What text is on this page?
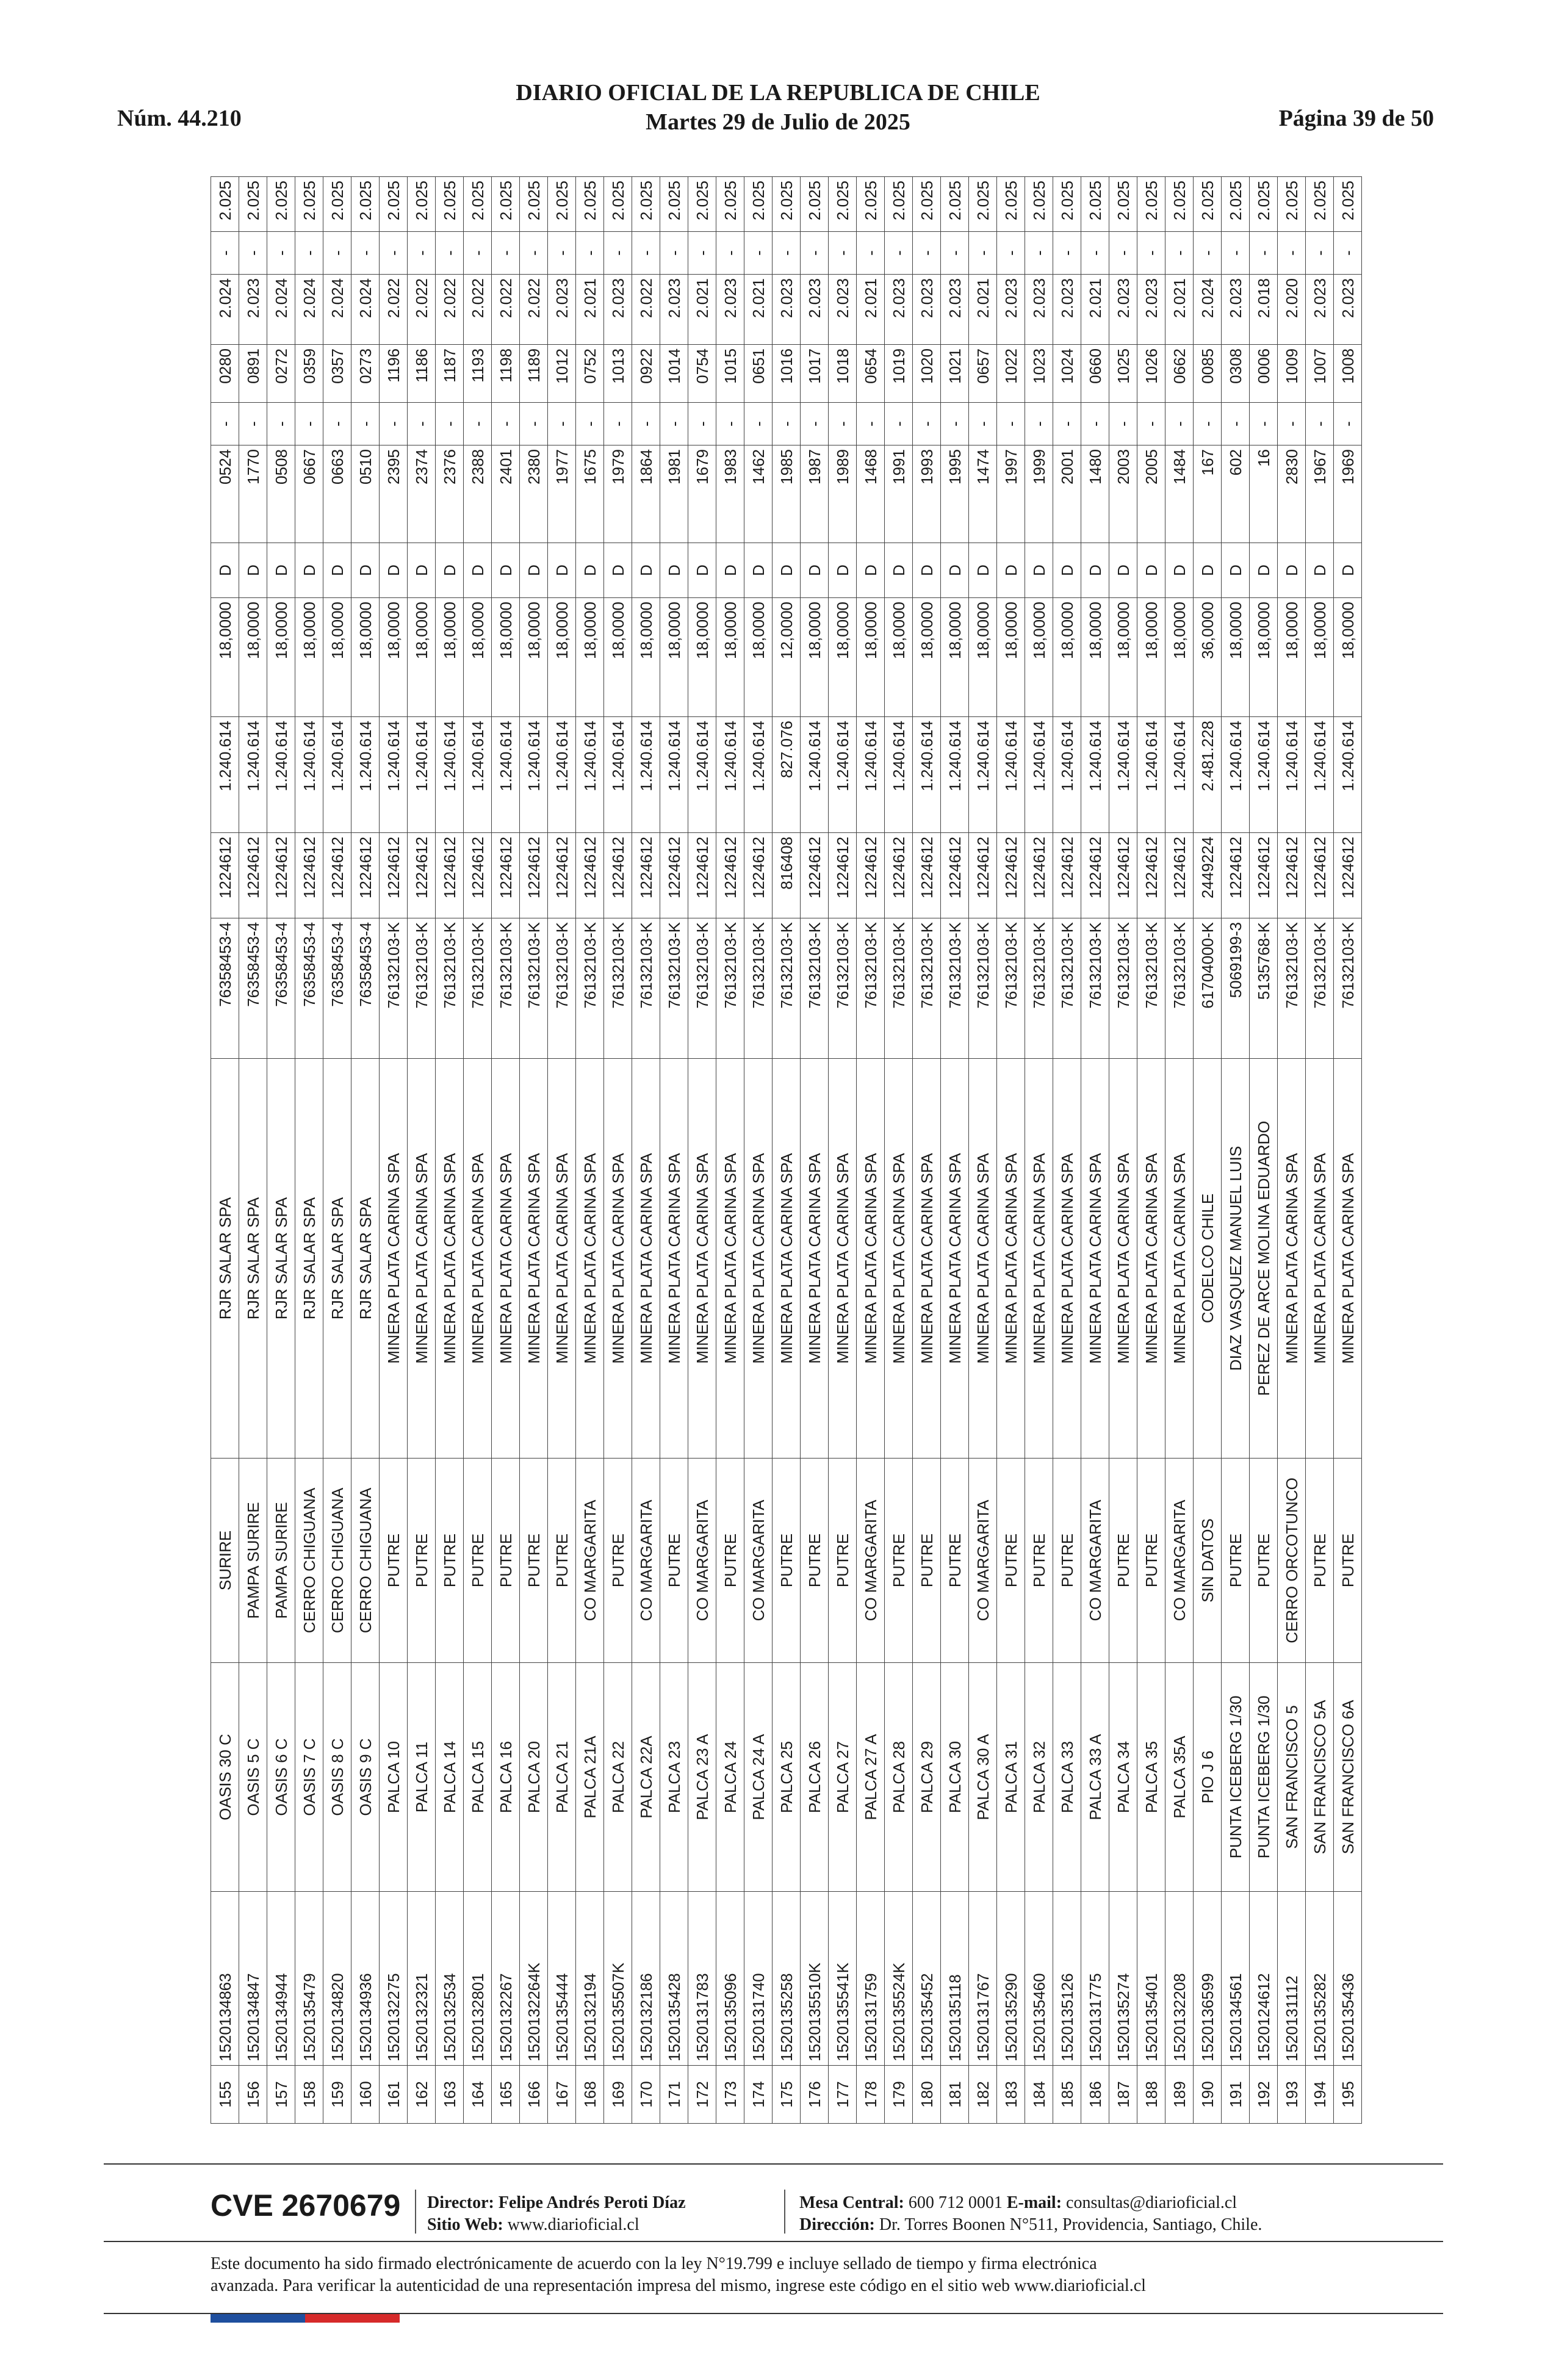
DIARIO OFICIAL DE LA REPUBLICA DE CHILE
Martes 29 de Julio de 2025
Núm. 44.210	Página 39 de 50
155	1520134863	OASIS 30 C	SURIRE	RJR SALAR SPA	76358453-4	1224612	1.240.614	18,0000	D	0524	-	0280	2.024	-	2.025
156	1520134847	OASIS 5 C	PAMPA SURIRE	RJR SALAR SPA	76358453-4	1224612	1.240.614	18,0000	D	1770	-	0891	2.023	-	2.025
157	1520134944	OASIS 6 C	PAMPA SURIRE	RJR SALAR SPA	76358453-4	1224612	1.240.614	18,0000	D	0508	-	0272	2.024	-	2.025
158	1520135479	OASIS 7 C	CERRO CHIGUANA	RJR SALAR SPA	76358453-4	1224612	1.240.614	18,0000	D	0667	-	0359	2.024	-	2.025
159	1520134820	OASIS 8 C	CERRO CHIGUANA	RJR SALAR SPA	76358453-4	1224612	1.240.614	18,0000	D	0663	-	0357	2.024	-	2.025
160	1520134936	OASIS 9 C	CERRO CHIGUANA	RJR SALAR SPA	76358453-4	1224612	1.240.614	18,0000	D	0510	-	0273	2.024	-	2.025
161	1520132275	PALCA 10	PUTRE	MINERA PLATA CARINA SPA	76132103-K	1224612	1.240.614	18,0000	D	2395	-	1196	2.022	-	2.025
162	1520132321	PALCA 11	PUTRE	MINERA PLATA CARINA SPA	76132103-K	1224612	1.240.614	18,0000	D	2374	-	1186	2.022	-	2.025
163	1520132534	PALCA 14	PUTRE	MINERA PLATA CARINA SPA	76132103-K	1224612	1.240.614	18,0000	D	2376	-	1187	2.022	-	2.025
164	1520132801	PALCA 15	PUTRE	MINERA PLATA CARINA SPA	76132103-K	1224612	1.240.614	18,0000	D	2388	-	1193	2.022	-	2.025
165	1520132267	PALCA 16	PUTRE	MINERA PLATA CARINA SPA	76132103-K	1224612	1.240.614	18,0000	D	2401	-	1198	2.022	-	2.025
166	1520132264K	PALCA 20	PUTRE	MINERA PLATA CARINA SPA	76132103-K	1224612	1.240.614	18,0000	D	2380	-	1189	2.022	-	2.025
167	1520135444	PALCA 21	PUTRE	MINERA PLATA CARINA SPA	76132103-K	1224612	1.240.614	18,0000	D	1977	-	1012	2.023	-	2.025
168	1520132194	PALCA 21A	CO MARGARITA	MINERA PLATA CARINA SPA	76132103-K	1224612	1.240.614	18,0000	D	1675	-	0752	2.021	-	2.025
169	1520135507K	PALCA 22	PUTRE	MINERA PLATA CARINA SPA	76132103-K	1224612	1.240.614	18,0000	D	1979	-	1013	2.023	-	2.025
170	1520132186	PALCA 22A	CO MARGARITA	MINERA PLATA CARINA SPA	76132103-K	1224612	1.240.614	18,0000	D	1864	-	0922	2.022	-	2.025
171	1520135428	PALCA 23	PUTRE	MINERA PLATA CARINA SPA	76132103-K	1224612	1.240.614	18,0000	D	1981	-	1014	2.023	-	2.025
172	1520131783	PALCA 23 A	CO MARGARITA	MINERA PLATA CARINA SPA	76132103-K	1224612	1.240.614	18,0000	D	1679	-	0754	2.021	-	2.025
173	1520135096	PALCA 24	PUTRE	MINERA PLATA CARINA SPA	76132103-K	1224612	1.240.614	18,0000	D	1983	-	1015	2.023	-	2.025
174	1520131740	PALCA 24 A	CO MARGARITA	MINERA PLATA CARINA SPA	76132103-K	1224612	1.240.614	18,0000	D	1462	-	0651	2.021	-	2.025
175	1520135258	PALCA 25	PUTRE	MINERA PLATA CARINA SPA	76132103-K	816408	827.076	12,0000	D	1985	-	1016	2.023	-	2.025
176	1520135510K	PALCA 26	PUTRE	MINERA PLATA CARINA SPA	76132103-K	1224612	1.240.614	18,0000	D	1987	-	1017	2.023	-	2.025
177	1520135541K	PALCA 27	PUTRE	MINERA PLATA CARINA SPA	76132103-K	1224612	1.240.614	18,0000	D	1989	-	1018	2.023	-	2.025
178	1520131759	PALCA 27 A	CO MARGARITA	MINERA PLATA CARINA SPA	76132103-K	1224612	1.240.614	18,0000	D	1468	-	0654	2.021	-	2.025
179	1520135524K	PALCA 28	PUTRE	MINERA PLATA CARINA SPA	76132103-K	1224612	1.240.614	18,0000	D	1991	-	1019	2.023	-	2.025
180	1520135452	PALCA 29	PUTRE	MINERA PLATA CARINA SPA	76132103-K	1224612	1.240.614	18,0000	D	1993	-	1020	2.023	-	2.025
181	1520135118	PALCA 30	PUTRE	MINERA PLATA CARINA SPA	76132103-K	1224612	1.240.614	18,0000	D	1995	-	1021	2.023	-	2.025
182	1520131767	PALCA 30 A	CO MARGARITA	MINERA PLATA CARINA SPA	76132103-K	1224612	1.240.614	18,0000	D	1474	-	0657	2.021	-	2.025
183	1520135290	PALCA 31	PUTRE	MINERA PLATA CARINA SPA	76132103-K	1224612	1.240.614	18,0000	D	1997	-	1022	2.023	-	2.025
184	1520135460	PALCA 32	PUTRE	MINERA PLATA CARINA SPA	76132103-K	1224612	1.240.614	18,0000	D	1999	-	1023	2.023	-	2.025
185	1520135126	PALCA 33	PUTRE	MINERA PLATA CARINA SPA	76132103-K	1224612	1.240.614	18,0000	D	2001	-	1024	2.023	-	2.025
186	1520131775	PALCA 33 A	CO MARGARITA	MINERA PLATA CARINA SPA	76132103-K	1224612	1.240.614	18,0000	D	1480	-	0660	2.021	-	2.025
187	1520135274	PALCA 34	PUTRE	MINERA PLATA CARINA SPA	76132103-K	1224612	1.240.614	18,0000	D	2003	-	1025	2.023	-	2.025
188	1520135401	PALCA 35	PUTRE	MINERA PLATA CARINA SPA	76132103-K	1224612	1.240.614	18,0000	D	2005	-	1026	2.023	-	2.025
189	1520132208	PALCA 35A	CO MARGARITA	MINERA PLATA CARINA SPA	76132103-K	1224612	1.240.614	18,0000	D	1484	-	0662	2.021	-	2.025
190	1520136599	PIO J 6	SIN DATOS	CODELCO CHILE	61704000-K	2449224	2.481.228	36,0000	D	167	-	0085	2.024	-	2.025
191	1520134561	PUNTA ICEBERG 1/30	PUTRE	DIAZ VASQUEZ MANUEL LUIS	5069199-3	1224612	1.240.614	18,0000	D	602	-	0308	2.023	-	2.025
192	1520124612	PUNTA ICEBERG 1/30	PUTRE	PEREZ DE ARCE MOLINA EDUARDO	5135768-K	1224612	1.240.614	18,0000	D	16	-	0006	2.018	-	2.025
193	1520131112	SAN FRANCISCO 5	CERRO ORCOTUNCO	MINERA PLATA CARINA SPA	76132103-K	1224612	1.240.614	18,0000	D	2830	-	1009	2.020	-	2.025
194	1520135282	SAN FRANCISCO 5A	PUTRE	MINERA PLATA CARINA SPA	76132103-K	1224612	1.240.614	18,0000	D	1967	-	1007	2.023	-	2.025
195	1520135436	SAN FRANCISCO 6A	PUTRE	MINERA PLATA CARINA SPA	76132103-K	1224612	1.240.614	18,0000	D	1969	-	1008	2.023	-	2.025
CVE 2670679 Director: Felipe Andrés Peroti Díaz
Sitio Web: www.diarioficial.cl
Mesa Central: 600 712 0001 E-mail: consultas@diarioficial.cl
Dirección: Dr. Torres Boonen N°511, Providencia, Santiago, Chile.
Este documento ha sido firmado electrónicamente de acuerdo con la ley N°19.799 e incluye sellado de tiempo y firma electrónica
avanzada. Para verificar la autenticidad de una representación impresa del mismo, ingrese este código en el sitio web www.diarioficial.cl
